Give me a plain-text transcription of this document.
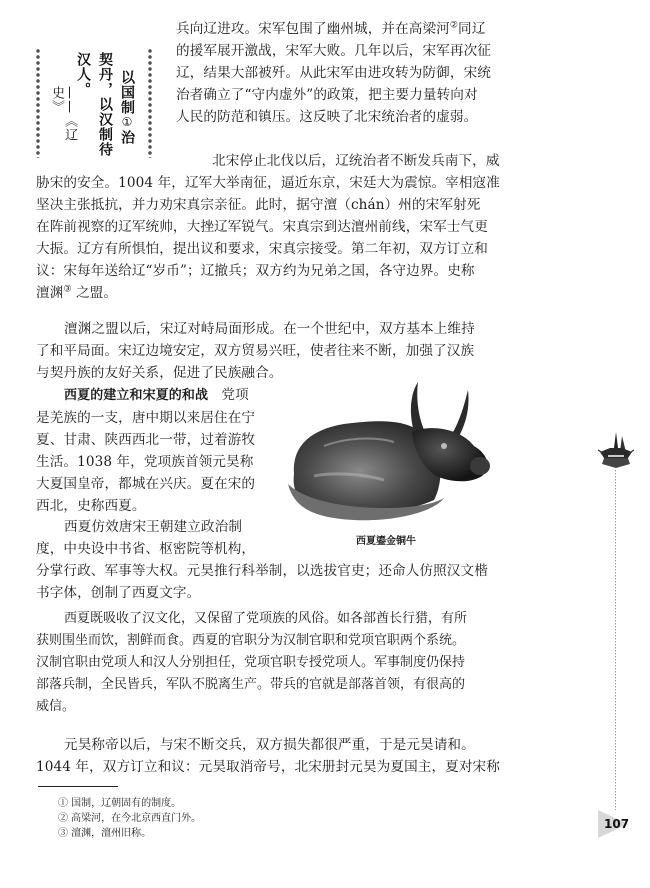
以国制①治
契丹，以汉制待
汉人。
——《辽史》
兵向辽进攻。宋军包围了幽州城，并在高梁河②同辽
的援军展开激战，宋军大败。几年以后，宋军再次征
辽，结果大部被歼。从此宋军由进攻转为防御，宋统
治者确立了“守内虚外”的政策，把主要力量转向对
人民的防范和镇压。这反映了北宋统治者的虚弱。
北宋停止北伐以后，辽统治者不断发兵南下，威
胁宋的安全。1004 年，辽军大举南征，逼近东京，宋廷大为震惊。宰相寇准
坚决主张抵抗，并力劝宋真宗亲征。此时，据守澶（chán）州的宋军射死
在阵前视察的辽军统帅，大挫辽军锐气。宋真宗到达澶州前线，宋军士气更
大振。辽方有所惧怕，提出议和要求，宋真宗接受。第二年初，双方订立和
议：宋每年送给辽“岁币”；辽撤兵；双方约为兄弟之国，各守边界。史称
澶渊③ 之盟。
澶渊之盟以后，宋辽对峙局面形成。在一个世纪中，双方基本上维持
了和平局面。宋辽边境安定，双方贸易兴旺，使者往来不断，加强了汉族
与契丹族的友好关系，促进了民族融合。
西夏的建立和宋夏的和战 党项
是羌族的一支，唐中期以来居住在宁
夏、甘肃、陕西西北一带，过着游牧
生活。1038 年，党项族首领元昊称
大夏国皇帝，都城在兴庆。夏在宋的
西北，史称西夏。
西夏仿效唐宋王朝建立政治制
度，中央设中书省、枢密院等机构，
分掌行政、军事等大权。元昊推行科举制，以选拔官吏；还命人仿照汉文楷
书字体，创制了西夏文字。
西夏既吸收了汉文化，又保留了党项族的风俗。如各部酋长行猎，有所
获则围坐而饮，割鲜而食。西夏的官职分为汉制官职和党项官职两个系统。
汉制官职由党项人和汉人分别担任，党项官职专授党项人。军事制度仍保持
部落兵制，全民皆兵，军队不脱离生产。带兵的官就是部落首领，有很高的
威信。
元昊称帝以后，与宋不断交兵，双方损失都很严重，于是元昊请和。
1044 年，双方订立和议：元昊取消帝号，北宋册封元昊为夏国主，夏对宋称
西夏鎏金铜牛
① 国制，辽朝固有的制度。
② 高梁河，在今北京西直门外。
③ 澶渊，澶州旧称。
107
